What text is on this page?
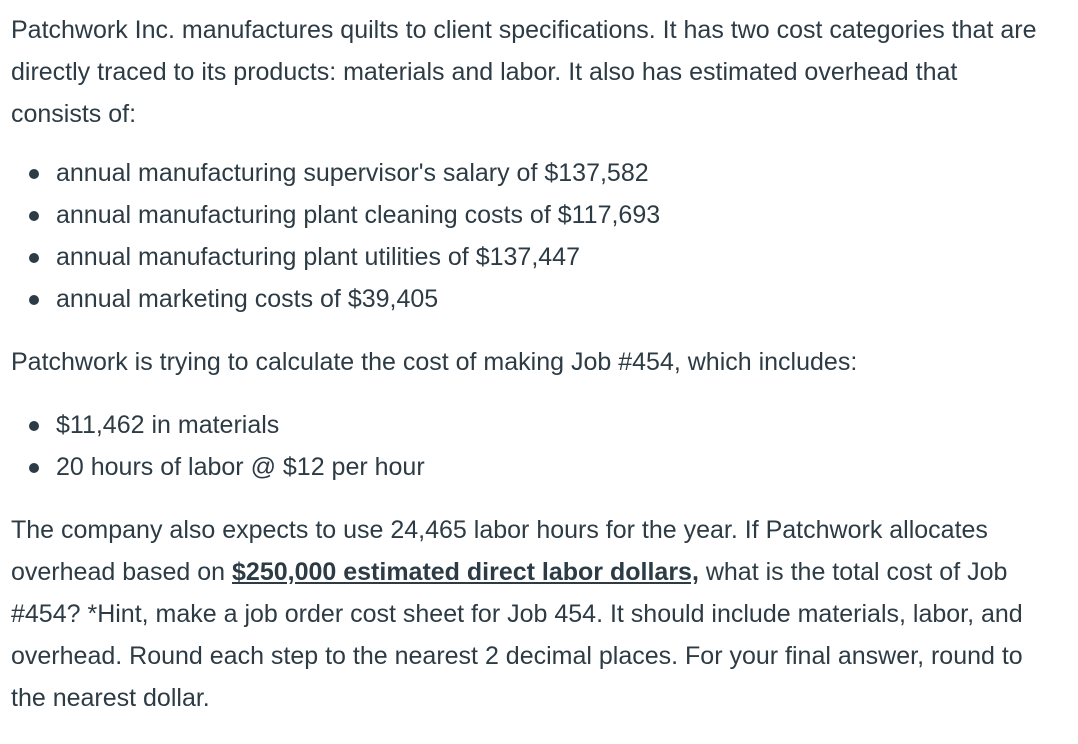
Patchwork Inc. manufactures quilts to client specifications. It has two cost categories that are directly traced to its products: materials and labor. It also has estimated overhead that consists of:

annual manufacturing supervisor's salary of $137,582
annual manufacturing plant cleaning costs of $117,693
annual manufacturing plant utilities of $137,447
annual marketing costs of $39,405

Patchwork is trying to calculate the cost of making Job #454, which includes:

$11,462 in materials
20 hours of labor @ $12 per hour

The company also expects to use 24,465 labor hours for the year. If Patchwork allocates overhead based on $250,000 estimated direct labor dollars, what is the total cost of Job #454? *Hint, make a job order cost sheet for Job 454. It should include materials, labor, and overhead. Round each step to the nearest 2 decimal places. For your final answer, round to the nearest dollar.
